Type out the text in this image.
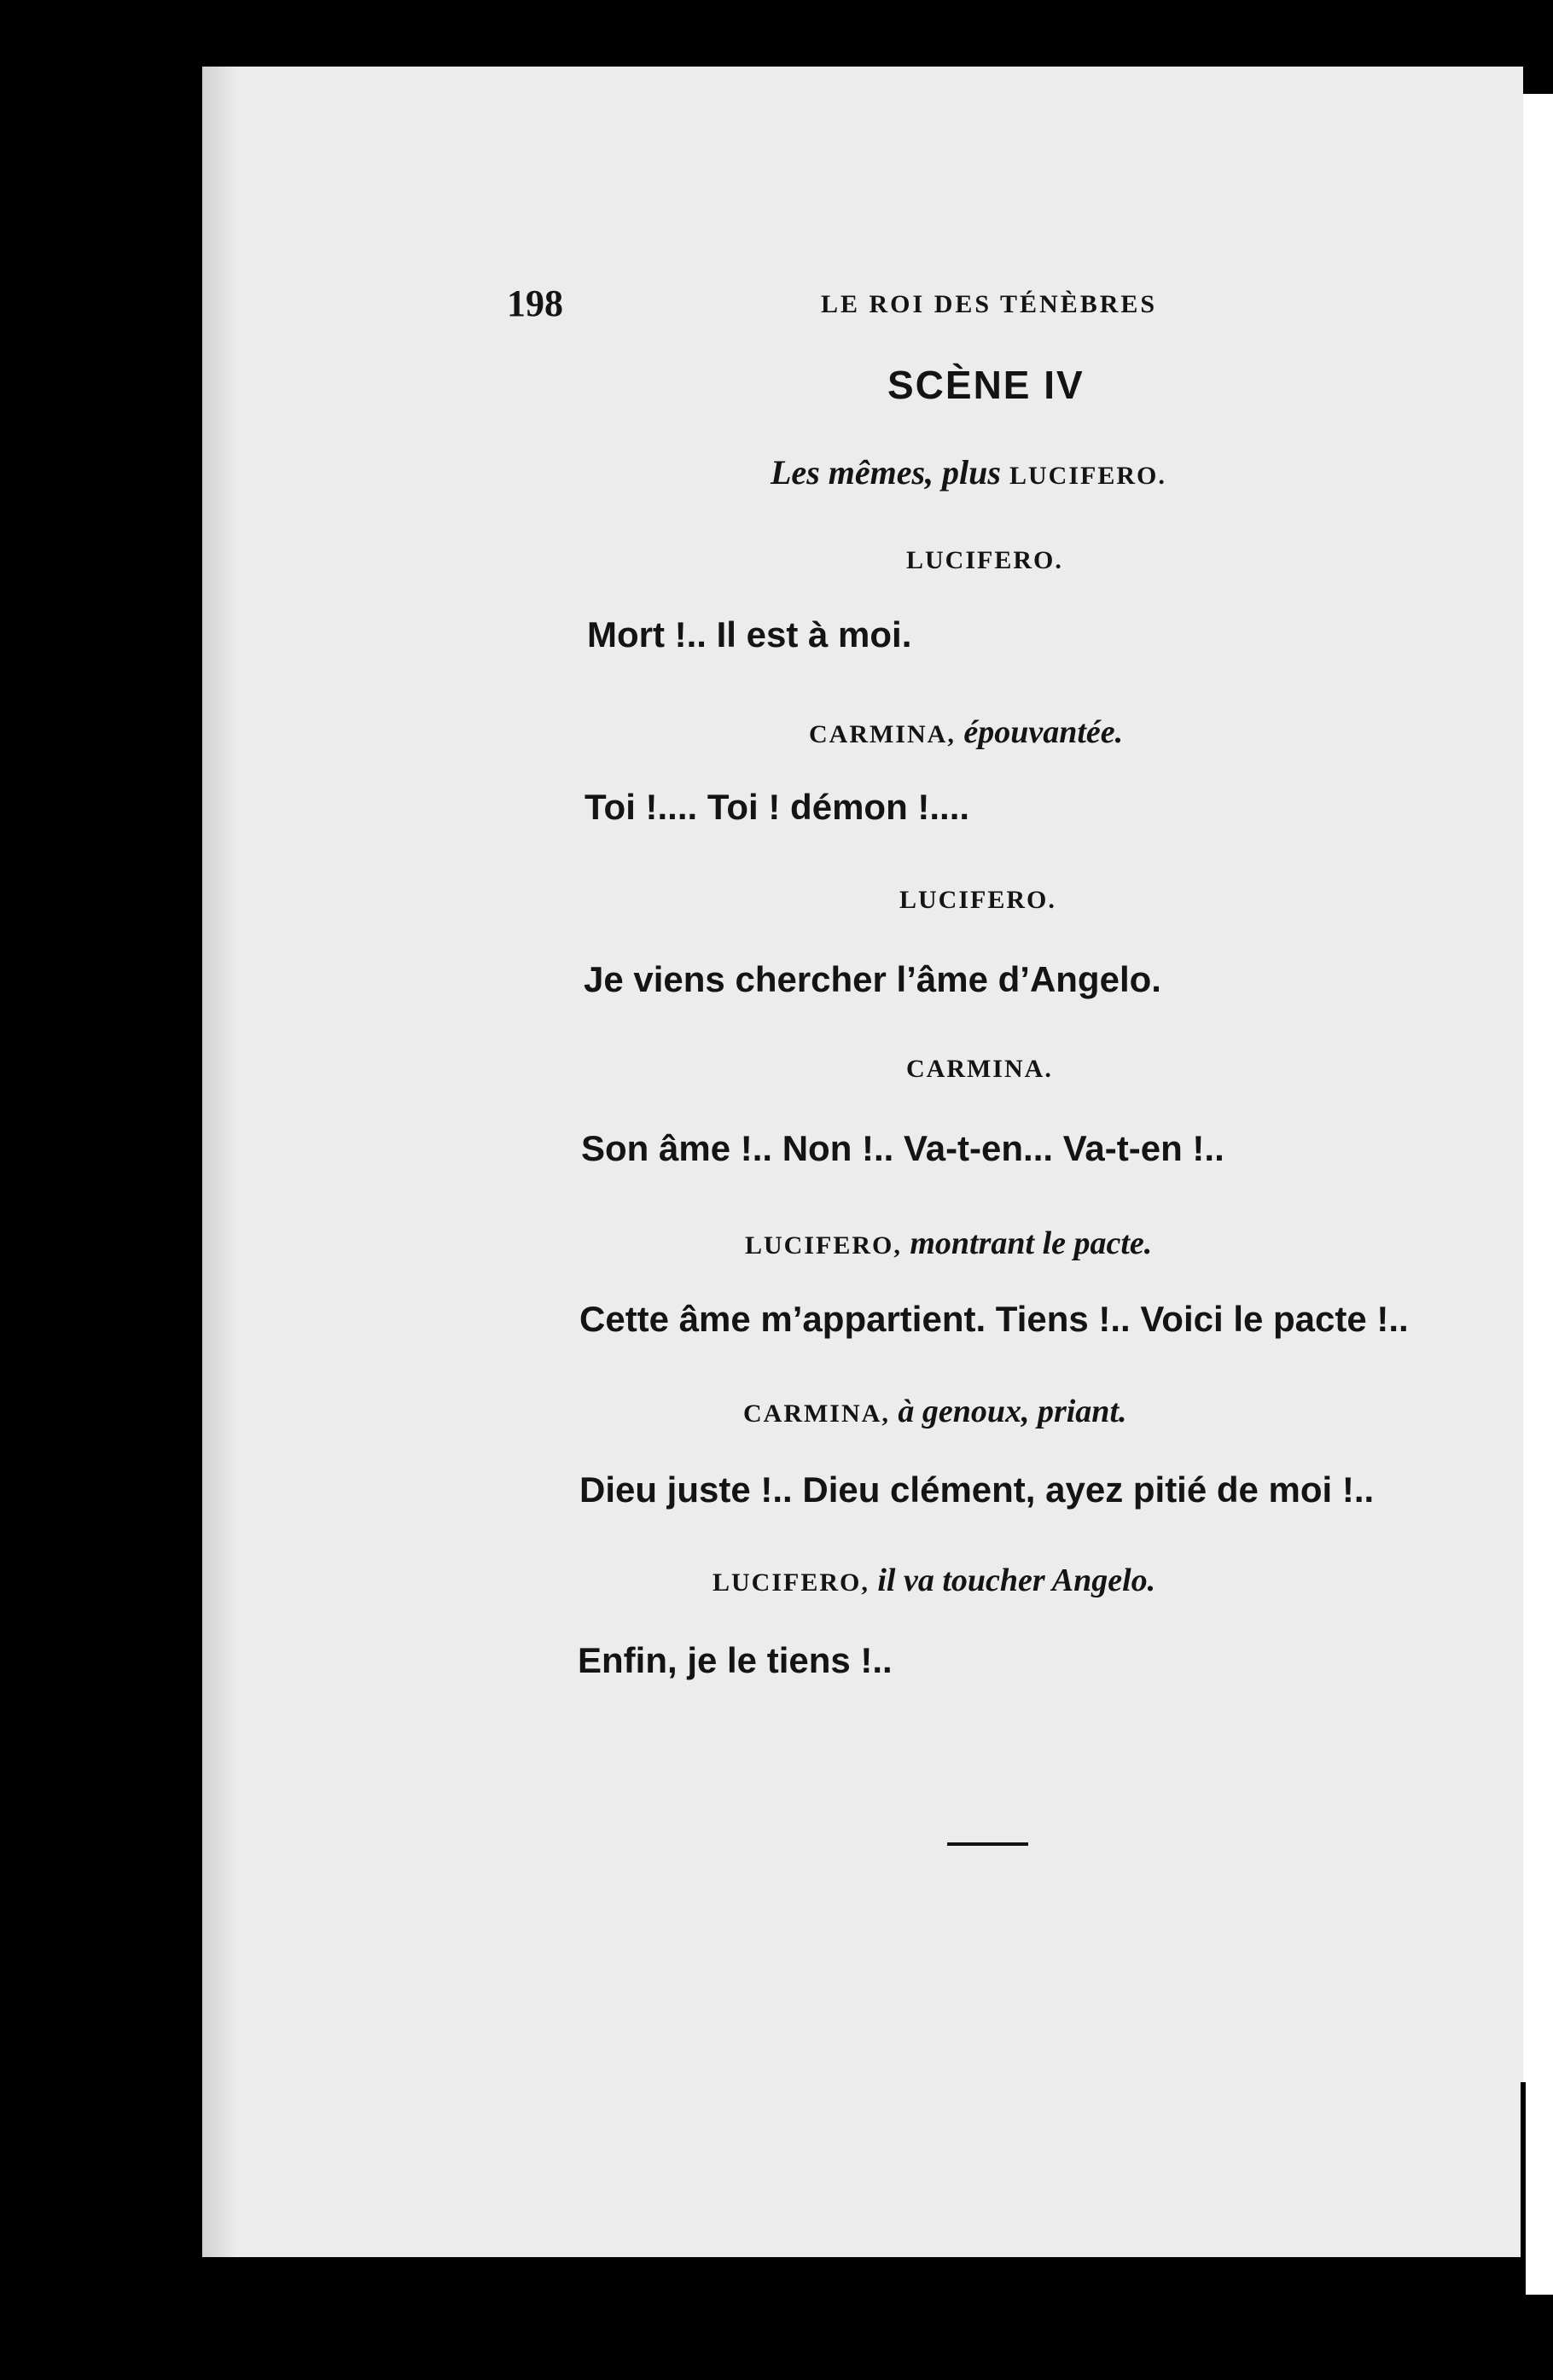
198	LE ROI DES TÉNÈBRES
SCÈNE IV
Les mêmes, plus LUCIFERO.
LUCIFERO.
Mort !.. Il est à moi.
CARMINA, épouvantée.
Toi !.... Toi ! démon !....
LUCIFERO.
Je viens chercher l’âme d’Angelo.
CARMINA.
Son âme !.. Non !.. Va-t-en... Va-t-en !..
LUCIFERO, montrant le pacte.
Cette âme m’appartient. Tiens !.. Voici le pacte !..
CARMINA, à genoux, priant.
Dieu juste !.. Dieu clément, ayez pitié de moi !..
LUCIFERO, il va toucher Angelo.
Enfin, je le tiens !..
